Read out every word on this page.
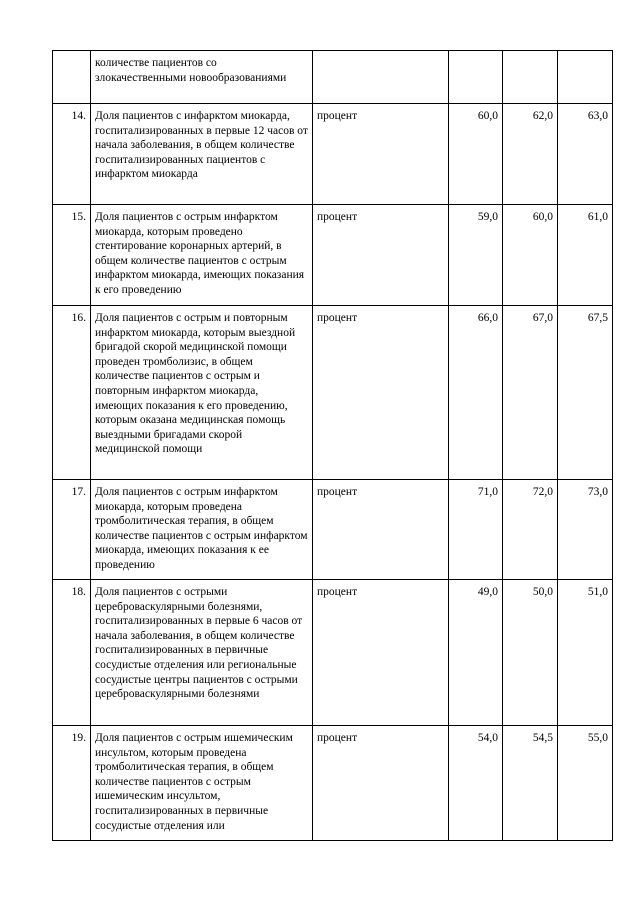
	количестве пациентов со злокачественными новообразованиями				
14.	Доля пациентов с инфарктом миокарда, госпитализированных в первые 12 часов от начала заболевания, в общем количестве госпитализированных пациентов с инфарктом миокарда	процент	60,0	62,0	63,0
15.	Доля пациентов с острым инфарктом миокарда, которым проведено стентирование коронарных артерий, в общем количестве пациентов с острым инфарктом миокарда, имеющих показания к его проведению	процент	59,0	60,0	61,0
16.	Доля пациентов с острым и повторным инфарктом миокарда, которым выездной бригадой скорой медицинской помощи проведен тромболизис, в общем количестве пациентов с острым и повторным инфарктом миокарда, имеющих показания к его проведению, которым оказана медицинская помощь выездными бригадами скорой медицинской помощи	процент	66,0	67,0	67,5
17.	Доля пациентов с острым инфарктом миокарда, которым проведена тромболитическая терапия, в общем количестве пациентов с острым инфарктом миокарда, имеющих показания к ее проведению	процент	71,0	72,0	73,0
18.	Доля пациентов с острыми цереброваскулярными болезнями, госпитализированных в первые 6 часов от начала заболевания, в общем количестве госпитализированных в первичные сосудистые отделения или региональные сосудистые центры пациентов с острыми цереброваскулярными болезнями	процент	49,0	50,0	51,0
19.	Доля пациентов с острым ишемическим инсультом, которым проведена тромболитическая терапия, в общем количестве пациентов с острым ишемическим инсультом, госпитализированных в первичные сосудистые отделения или	процент	54,0	54,5	55,0
